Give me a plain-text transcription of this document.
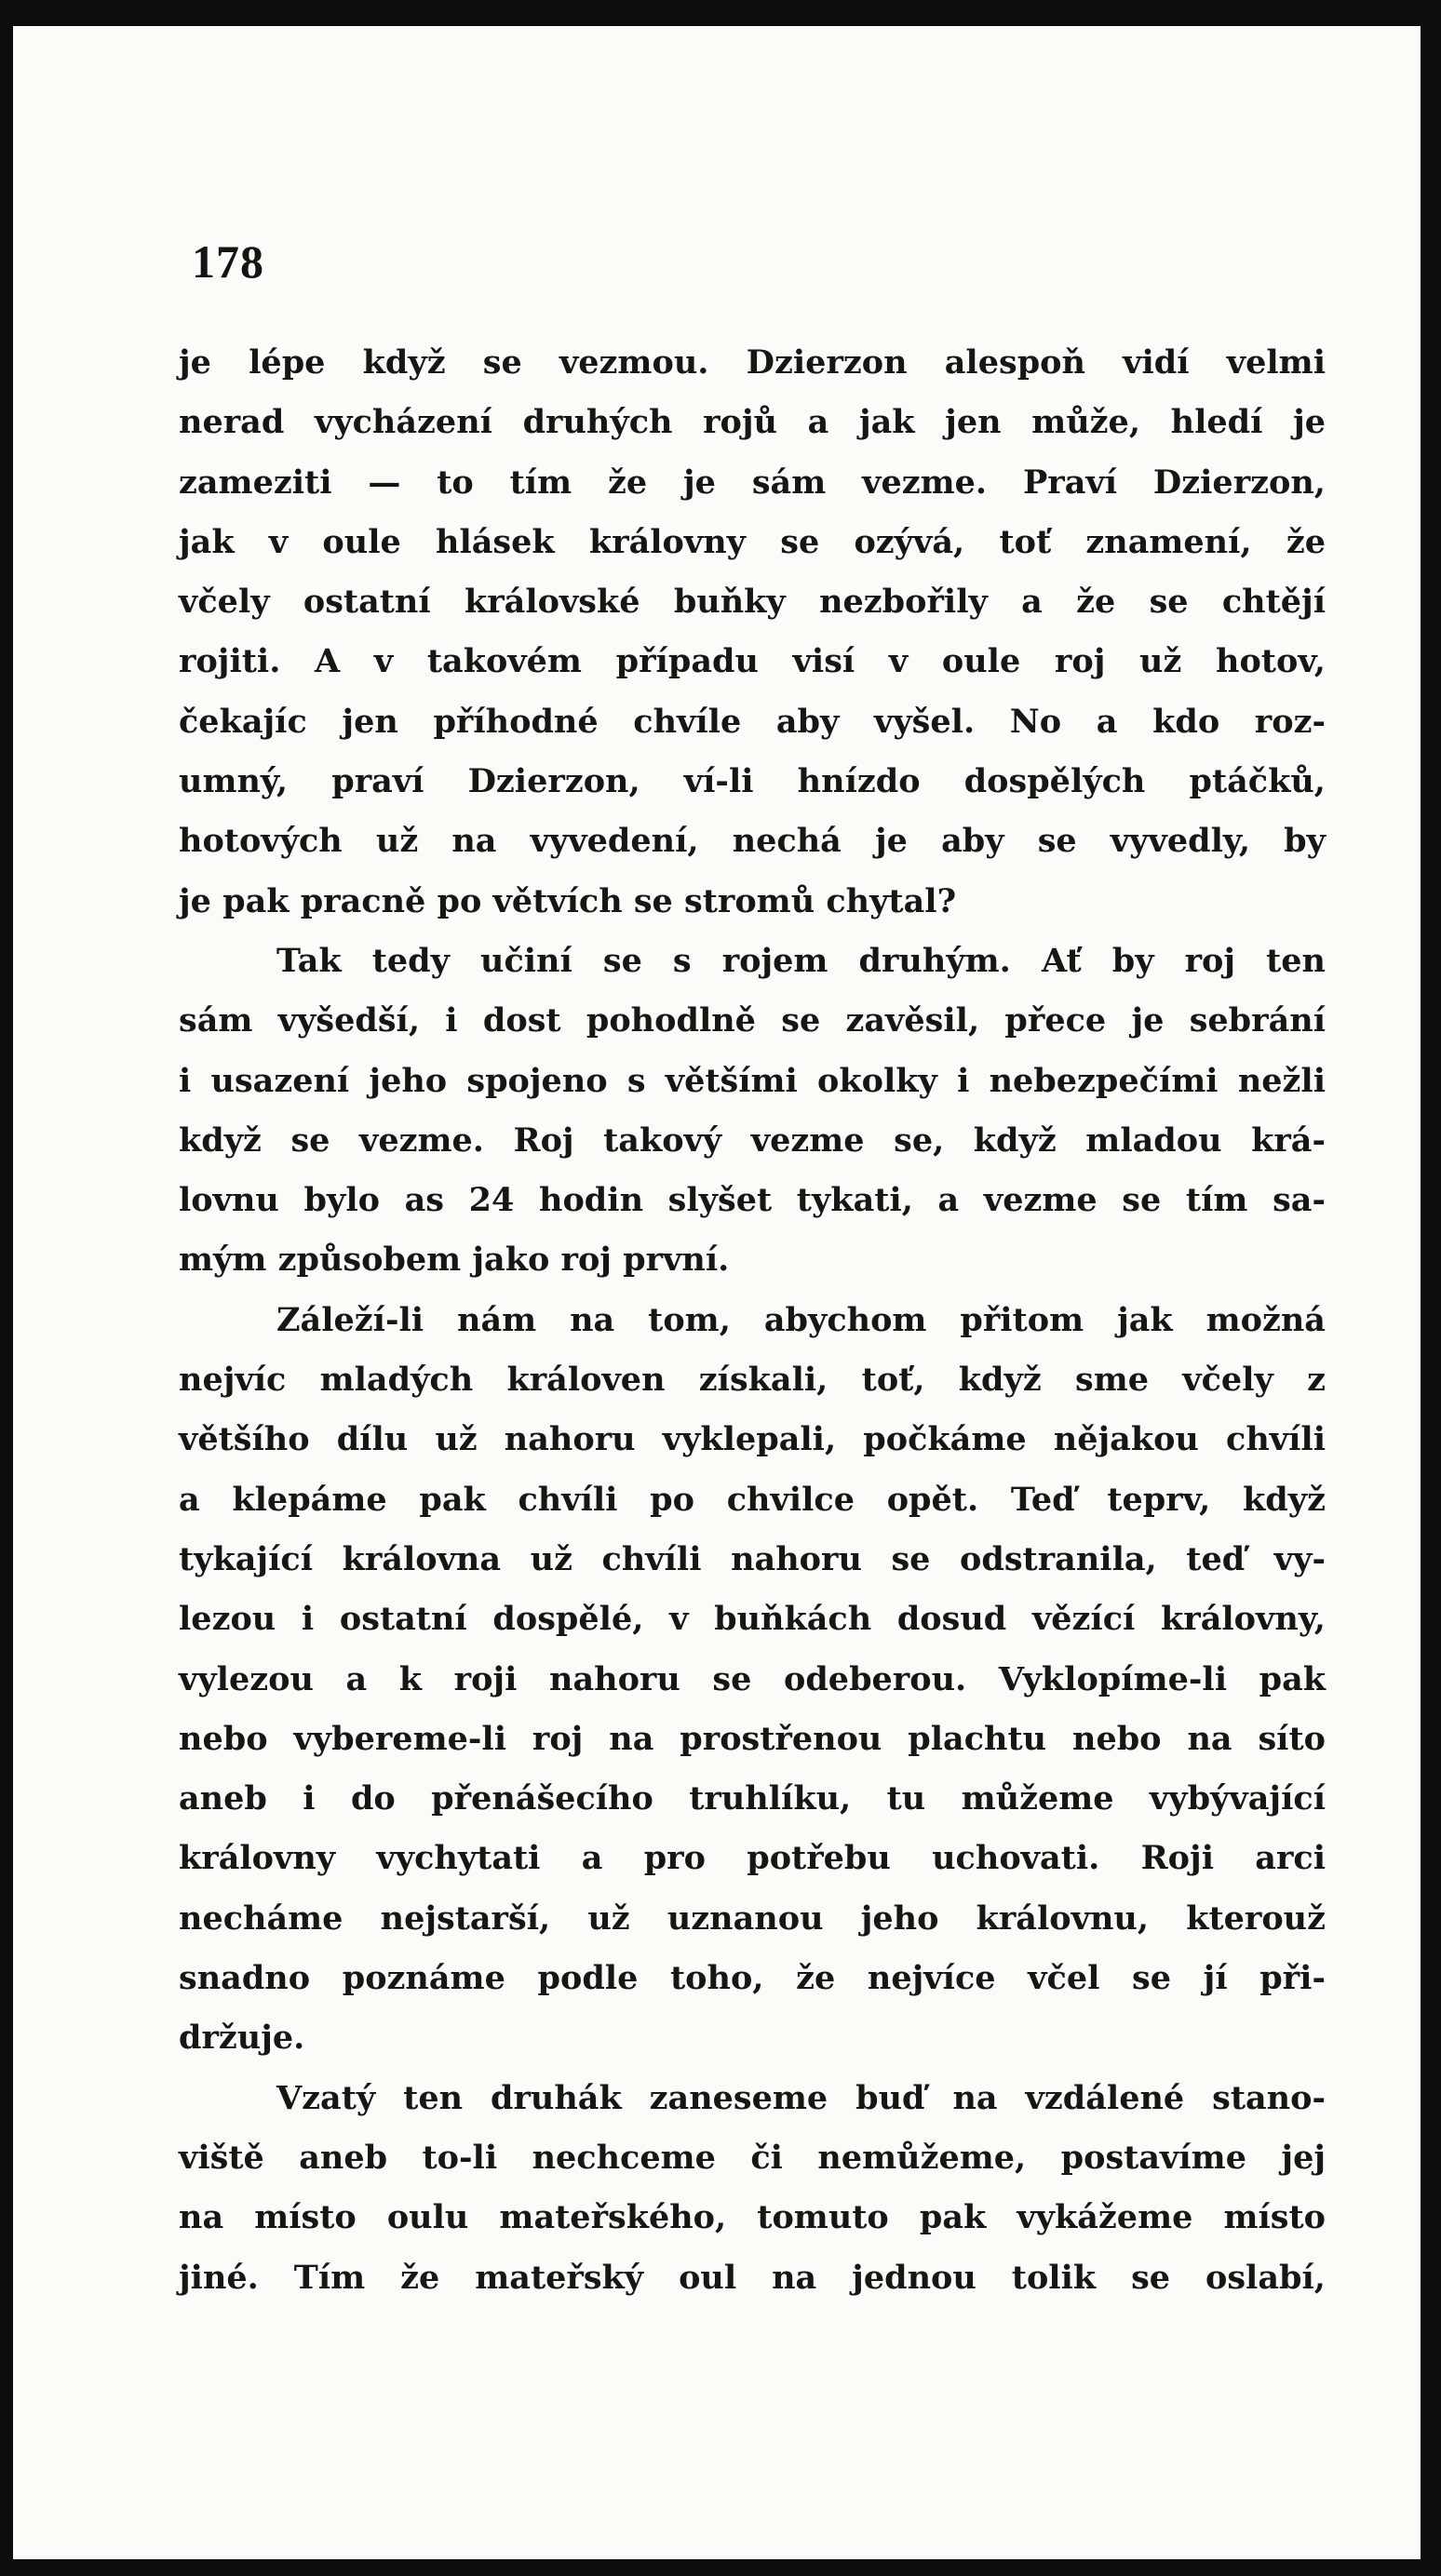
178
je lépe když se vezmou. Dzierzon alespoň vidí velmi
nerad vycházení druhých rojů a jak jen může, hledí je
zameziti — to tím že je sám vezme. Praví Dzierzon,
jak v oule hlásek královny se ozývá, toť znamení, že
včely ostatní královské buňky nezbořily a že se chtějí
rojiti. A v takovém případu visí v oule roj už hotov,
čekajíc jen příhodné chvíle aby vyšel. No a kdo roz-
umný, praví Dzierzon, ví-li hnízdo dospělých ptáčků,
hotových už na vyvedení, nechá je aby se vyvedly, by
je pak pracně po větvích se stromů chytal?
Tak tedy učiní se s rojem druhým. Ať by roj ten
sám vyšedší, i dost pohodlně se zavěsil, přece je sebrání
i usazení jeho spojeno s většími okolky i nebezpečími nežli
když se vezme. Roj takový vezme se, když mladou krá-
lovnu bylo as 24 hodin slyšet tykati, a vezme se tím sa-
mým způsobem jako roj první.
Záleží-li nám na tom, abychom přitom jak možná
nejvíc mladých královen získali, toť, když sme včely z
většího dílu už nahoru vyklepali, počkáme nějakou chvíli
a klepáme pak chvíli po chvilce opět. Teď teprv, když
tykající královna už chvíli nahoru se odstranila, teď vy-
lezou i ostatní dospělé, v buňkách dosud vězící královny,
vylezou a k roji nahoru se odeberou. Vyklopíme-li pak
nebo vybereme-li roj na prostřenou plachtu nebo na síto
aneb i do přenášecího truhlíku, tu můžeme vybývající
královny vychytati a pro potřebu uchovati. Roji arci
necháme nejstarší, už uznanou jeho královnu, kterouž
snadno poznáme podle toho, že nejvíce včel se jí při-
držuje.
Vzatý ten druhák zaneseme buď na vzdálené stano-
viště aneb to-li nechceme či nemůžeme, postavíme jej
na místo oulu mateřského, tomuto pak vykážeme místo
jiné. Tím že mateřský oul na jednou tolik se oslabí,
